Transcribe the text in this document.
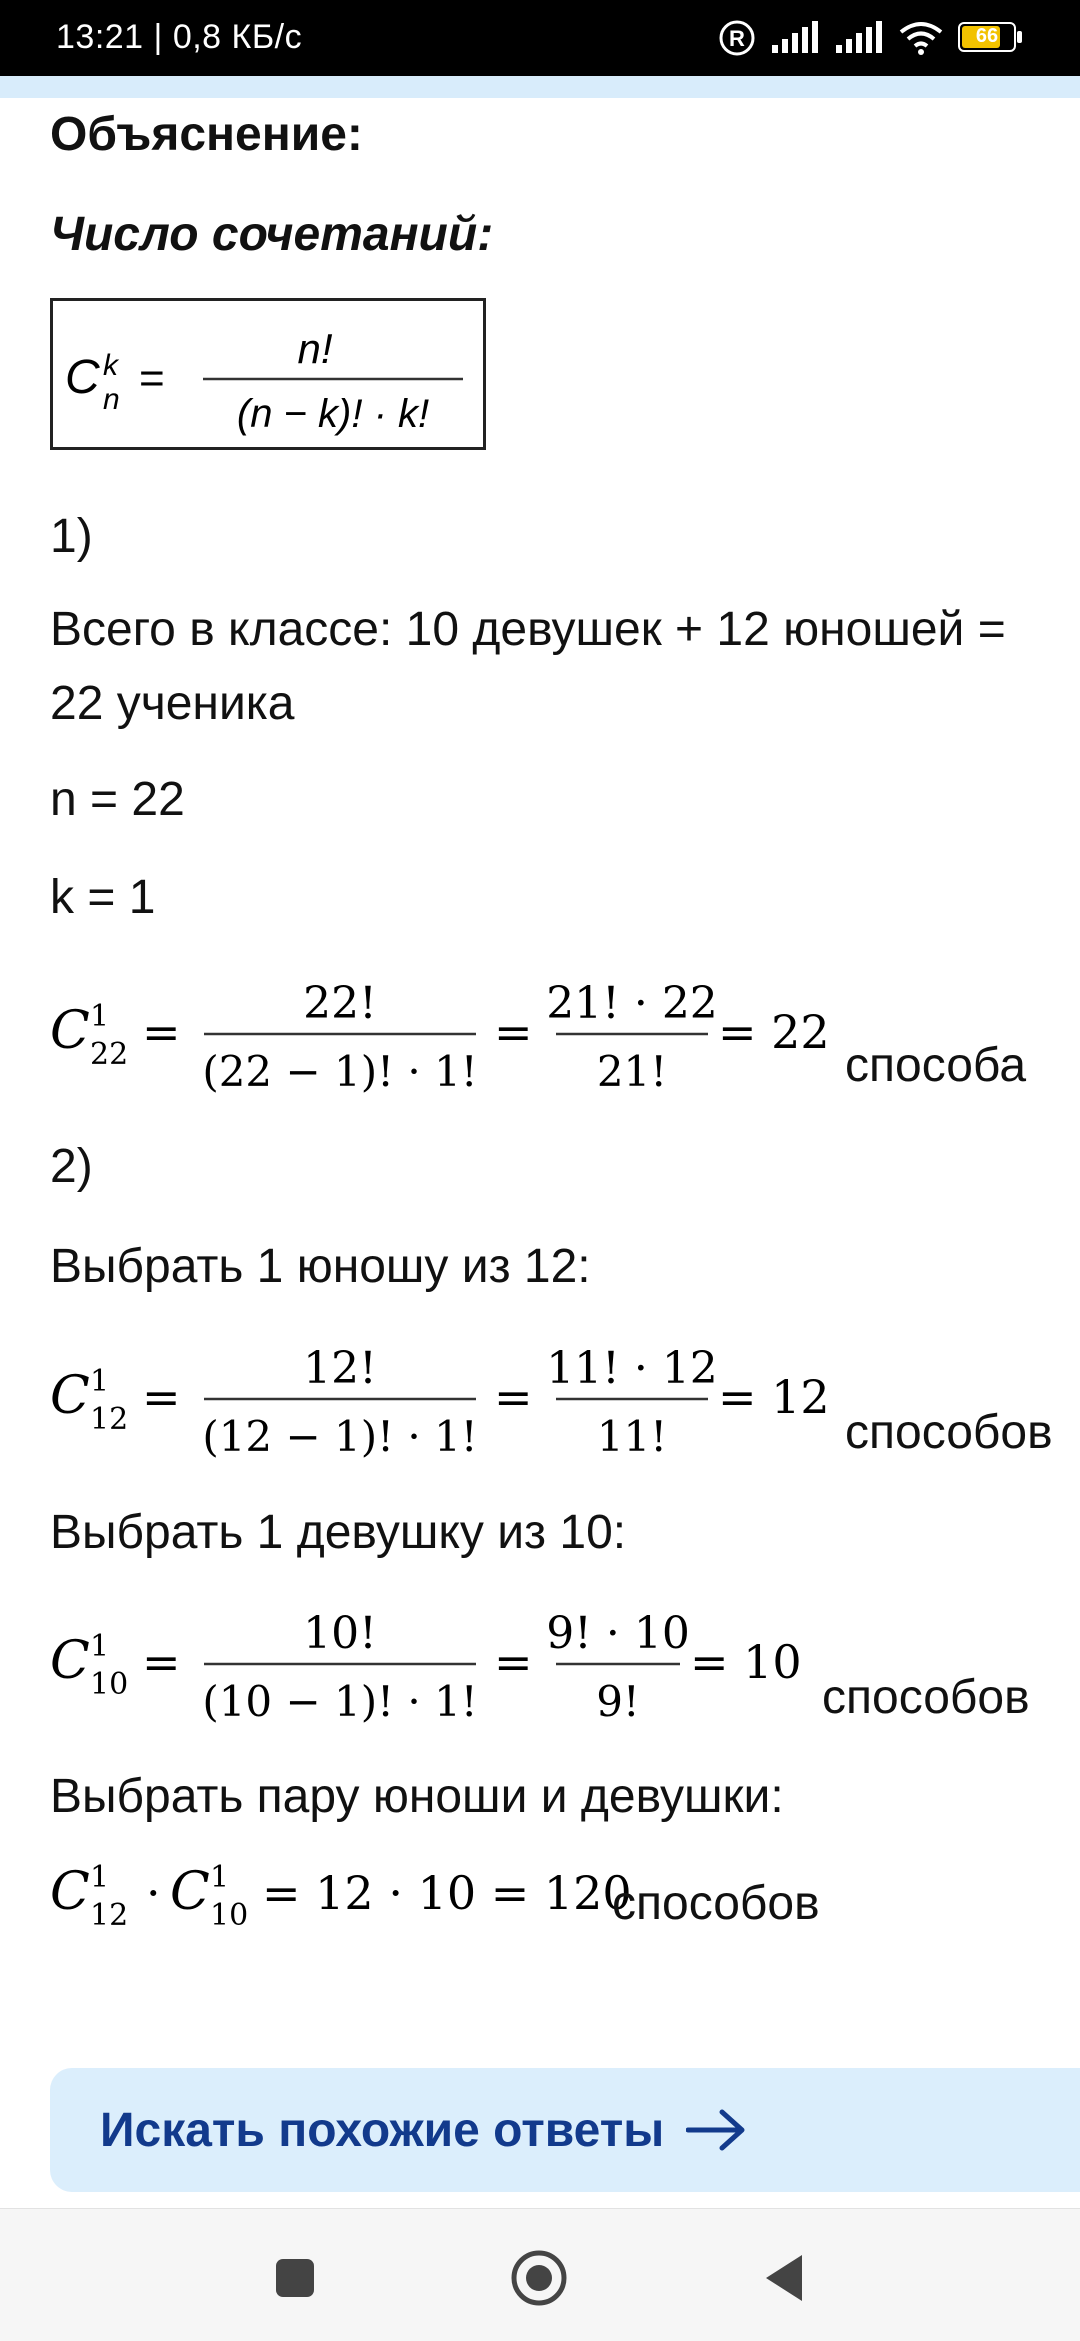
13:21 | 0,8 КБ/с	R	66
Объяснение:
Число сочетаний:
C k
n =
n!
(n − k)! · k!
1)
Всего в классе: 10 девушек + 12 юношей =
22 ученика
n = 22
k = 1
C 1
22 =
22!
(22 − 1)! · 1!
=
21! · 22
21!
= 22
способа
2)
Выбрать 1 юношу из 12:
C 1
12 =
12!
(12 − 1)! · 1!
=
11! · 12
11!
= 12
способов
Выбрать 1 девушку из 10:
C 1
10 =
10!
(10 − 1)! · 1!
=
9! · 10
9!
= 10
способов
Выбрать пару юноши и девушки:
C 1
12 · C 1
10 = 12 · 10 = 120
способов
Искать похожие ответы
